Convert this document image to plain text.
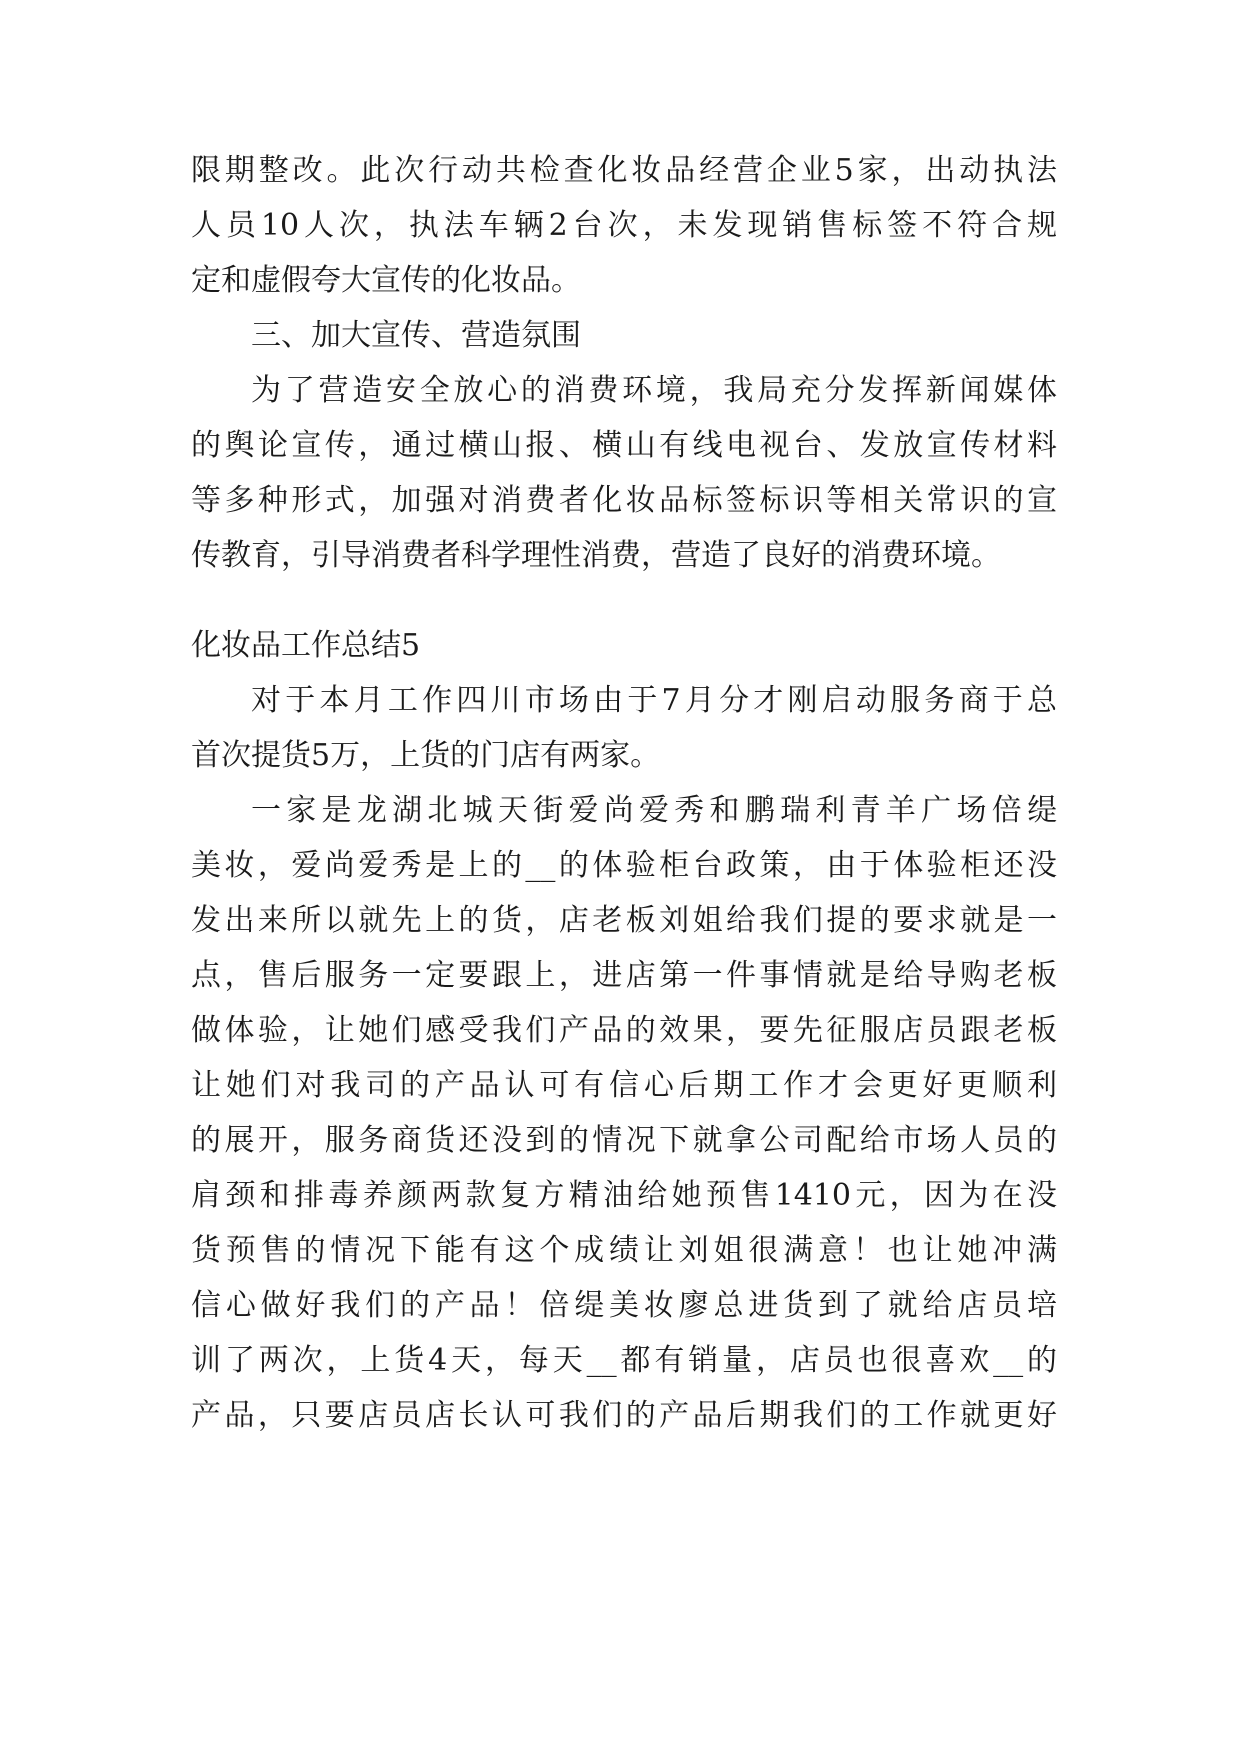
限期整改。此次行动共检查化妆品经营企业5家，出动执法
人员10人次，执法车辆2台次，未发现销售标签不符合规
定和虚假夸大宣传的化妆品。
三、加大宣传、营造氛围
为了营造安全放心的消费环境，我局充分发挥新闻媒体
的舆论宣传，通过横山报、横山有线电视台、发放宣传材料
等多种形式，加强对消费者化妆品标签标识等相关常识的宣
传教育，引导消费者科学理性消费，营造了良好的消费环境。
化妆品工作总结5
对于本月工作四川市场由于7月分才刚启动服务商于总
首次提货5万，上货的门店有两家。
一家是龙湖北城天街爱尚爱秀和鹏瑞利青羊广场倍缇
美妆，爱尚爱秀是上的__的体验柜台政策，由于体验柜还没
发出来所以就先上的货，店老板刘姐给我们提的要求就是一
点，售后服务一定要跟上，进店第一件事情就是给导购老板
做体验，让她们感受我们产品的效果，要先征服店员跟老板
让她们对我司的产品认可有信心后期工作才会更好更顺利
的展开，服务商货还没到的情况下就拿公司配给市场人员的
肩颈和排毒养颜两款复方精油给她预售1410元，因为在没
货预售的情况下能有这个成绩让刘姐很满意！也让她冲满
信心做好我们的产品！倍缇美妆廖总进货到了就给店员培
训了两次，上货4天，每天__都有销量，店员也很喜欢__的
产品，只要店员店长认可我们的产品后期我们的工作就更好
